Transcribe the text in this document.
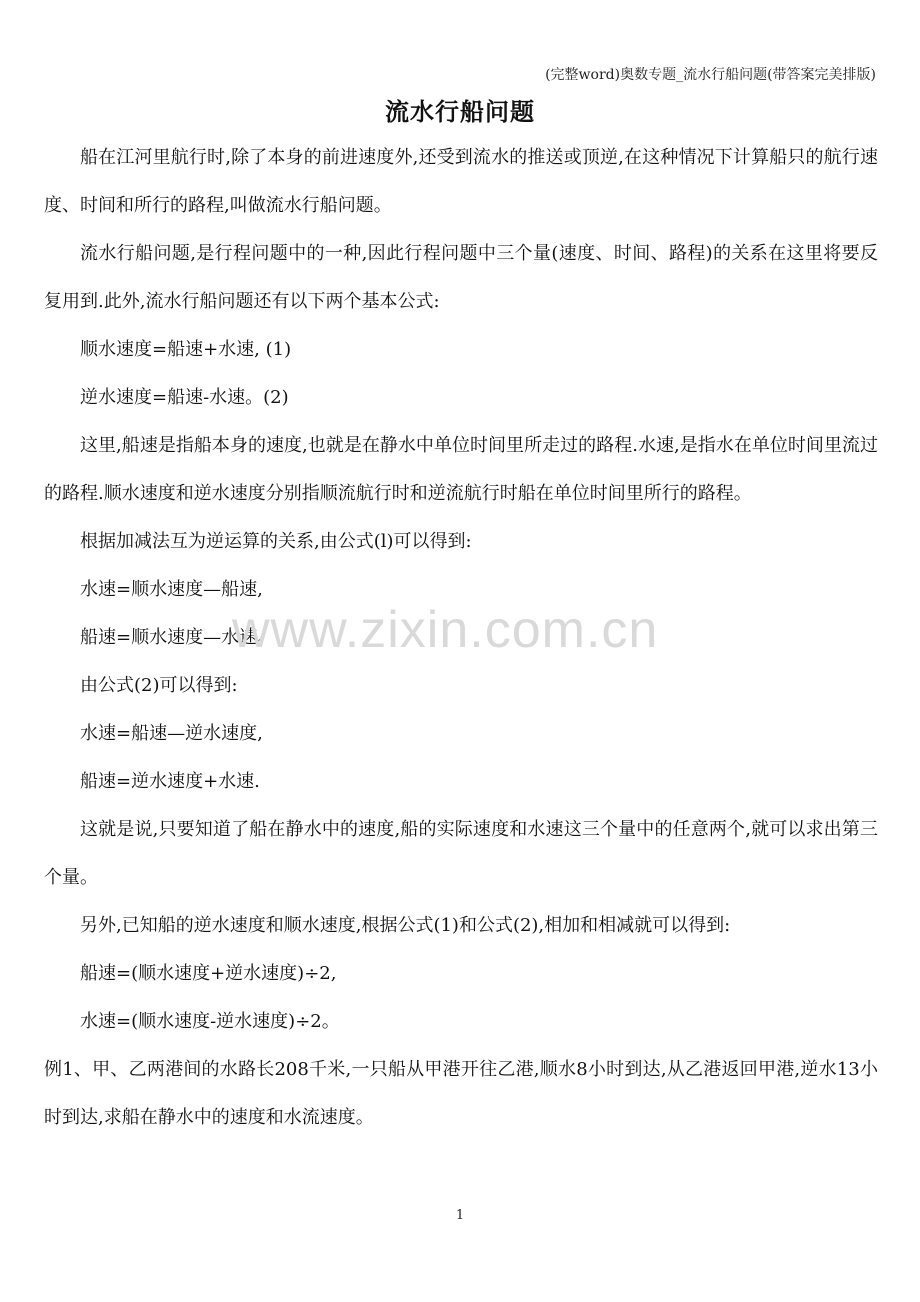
(完整word)奥数专题_流水行船问题(带答案完美排版)
流水行船问题

船在江河里航行时,除了本身的前进速度外,还受到流水的推送或顶逆,在这种情况下计算船只的航行速度、时间和所行的路程,叫做流水行船问题。

流水行船问题,是行程问题中的一种,因此行程问题中三个量(速度、时间、路程)的关系在这里将要反复用到.此外,流水行船问题还有以下两个基本公式:

顺水速度=船速+水速, (1)

逆水速度=船速-水速。(2)

这里,船速是指船本身的速度,也就是在静水中单位时间里所走过的路程.水速,是指水在单位时间里流过的路程.顺水速度和逆水速度分别指顺流航行时和逆流航行时船在单位时间里所行的路程。

根据加减法互为逆运算的关系,由公式(l)可以得到:

水速=顺水速度—船速,

船速=顺水速度—水速。

由公式(2)可以得到:

水速=船速—逆水速度,

船速=逆水速度+水速.

这就是说,只要知道了船在静水中的速度,船的实际速度和水速这三个量中的任意两个,就可以求出第三个量。

另外,已知船的逆水速度和顺水速度,根据公式(1)和公式(2),相加和相减就可以得到:

船速=(顺水速度+逆水速度)÷2,

水速=(顺水速度-逆水速度)÷2。

例1、甲、乙两港间的水路长208千米,一只船从甲港开往乙港,顺水8小时到达,从乙港返回甲港,逆水13小时到达,求船在静水中的速度和水流速度。

www.zixin.com.cn
1
